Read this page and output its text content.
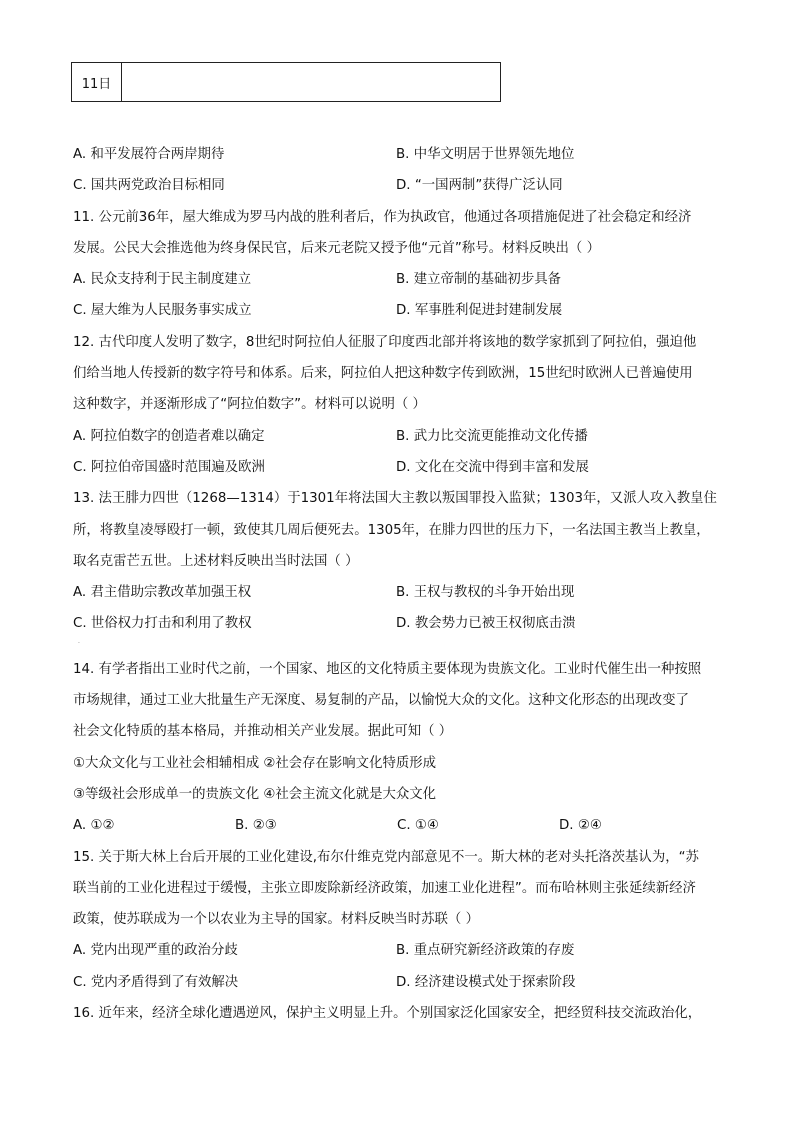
11日
A. 和平发展符合两岸期待	B. 中华文明居于世界领先地位
C. 国共两党政治目标相同	D. “一国两制”获得广泛认同
11. 公元前36年，屋大维成为罗马内战的胜利者后，作为执政官，他通过各项措施促进了社会稳定和经济
发展。公民大会推选他为终身保民官，后来元老院又授予他“元首”称号。材料反映出（ ）
A. 民众支持利于民主制度建立	B. 建立帝制的基础初步具备
C. 屋大维为人民服务事实成立	D. 军事胜利促进封建制发展
12. 古代印度人发明了数字，8世纪时阿拉伯人征服了印度西北部并将该地的数学家抓到了阿拉伯，强迫他
们给当地人传授新的数字符号和体系。后来，阿拉伯人把这种数字传到欧洲，15世纪时欧洲人已普遍使用
这种数字，并逐渐形成了“阿拉伯数字”。材料可以说明（ ）
A. 阿拉伯数字的创造者难以确定	B. 武力比交流更能推动文化传播
C. 阿拉伯帝国盛时范围遍及欧洲	D. 文化在交流中得到丰富和发展
13. 法王腓力四世（1268—1314）于1301年将法国大主教以叛国罪投入监狱；1303年，又派人攻入教皇住
所，将教皇凌辱殴打一顿，致使其几周后便死去。1305年，在腓力四世的压力下，一名法国主教当上教皇，
取名克雷芒五世。上述材料反映出当时法国（ ）
A. 君主借助宗教改革加强王权	B. 王权与教权的斗争开始出现
C. 世俗权力打击和利用了教权	D. 教会势力已被王权彻底击溃
·
14. 有学者指出工业时代之前，一个国家、地区的文化特质主要体现为贵族文化。工业时代催生出一种按照
市场规律，通过工业大批量生产无深度、易复制的产品，以愉悦大众的文化。这种文化形态的出现改变了
社会文化特质的基本格局，并推动相关产业发展。据此可知（ ）
①大众文化与工业社会相辅相成 ②社会存在影响文化特质形成
③等级社会形成单一的贵族文化 ④社会主流文化就是大众文化
A. ①②	B. ②③	C. ①④	D. ②④
15. 关于斯大林上台后开展的工业化建设,布尔什维克党内部意见不一。斯大林的老对头托洛茨基认为，“苏
联当前的工业化进程过于缓慢，主张立即废除新经济政策，加速工业化进程”。而布哈林则主张延续新经济
政策，使苏联成为一个以农业为主导的国家。材料反映当时苏联（ ）
A. 党内出现严重的政治分歧	B. 重点研究新经济政策的存废
C. 党内矛盾得到了有效解决	D. 经济建设模式处于探索阶段
16. 近年来，经济全球化遭遇逆风，保护主义明显上升。个别国家泛化国家安全，把经贸科技交流政治化，
